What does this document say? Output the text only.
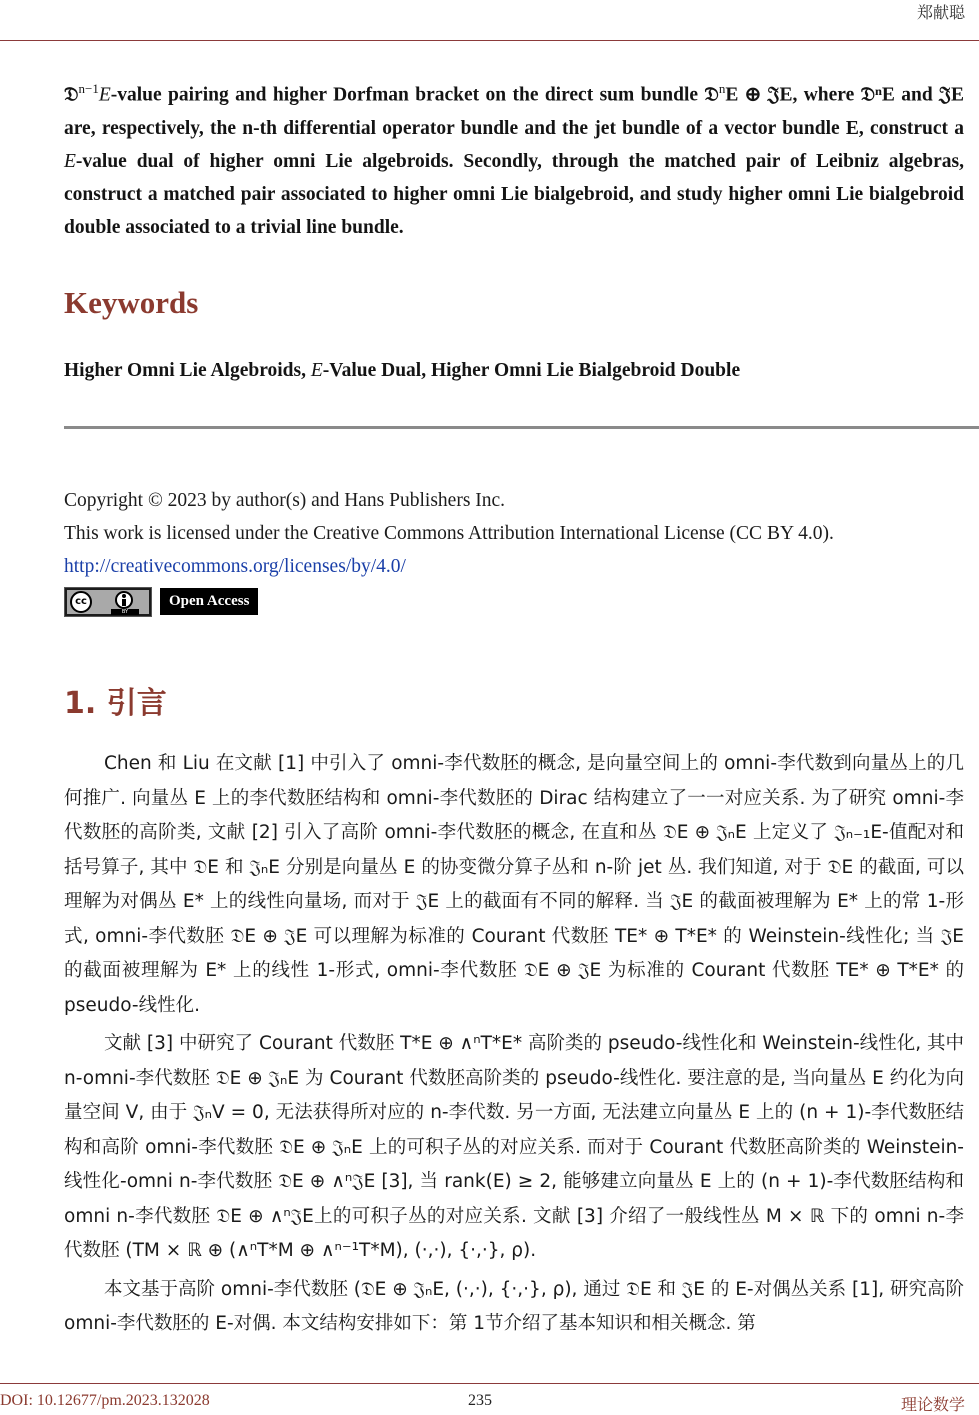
郑献聪

𝔇$^{n-1}$E-value pairing and higher Dorfman bracket on the direct sum bundle 𝔇$^n$E ⊕ 𝔍E, where 𝔇ⁿE and 𝔍E are, respectively, the n-th differential operator bundle and the jet bundle of a vector bundle E, construct a E-value dual of higher omni Lie algebroids. Secondly, through the matched pair of Leibniz algebras, construct a matched pair associated to higher omni Lie bialgebroid, and study higher omni Lie bialgebroid double associated to a trivial line bundle.

Keywords
Higher Omni Lie Algebroids, E-Value Dual, Higher Omni Lie Bialgebroid Double
Copyright © 2023 by author(s) and Hans Publishers Inc.
This work is licensed under the Creative Commons Attribution International License (CC BY 4.0).
http://creativecommons.org/licenses/by/4.0/
cc
BY
Open Access
1. 引言

Chen 和 Liu 在文献 [1] 中引入了 omni-李代数胚的概念, 是向量空间上的 omni-李代数到向量丛上的几何推广. 向量丛 E 上的李代数胚结构和 omni-李代数胚的 Dirac 结构建立了一一对应关系. 为了研究 omni-李代数胚的高阶类, 文献 [2] 引入了高阶 omni-李代数胚的概念, 在直和丛 𝔇E ⊕ 𝔍ₙE 上定义了 𝔍ₙ₋₁E-值配对和括号算子, 其中 𝔇E 和 𝔍ₙE 分别是向量丛 E 的协变微分算子丛和 n-阶 jet 丛. 我们知道, 对于 𝔇E 的截面, 可以理解为对偶丛 E* 上的线性向量场, 而对于 𝔍E 上的截面有不同的解释. 当 𝔍E 的截面被理解为 E* 上的常 1-形式, omni-李代数胚 𝔇E ⊕ 𝔍E 可以理解为标准的 Courant 代数胚 TE* ⊕ T*E* 的 Weinstein-线性化; 当 𝔍E 的截面被理解为 E* 上的线性 1-形式, omni-李代数胚 𝔇E ⊕ 𝔍E 为标准的 Courant 代数胚 TE* ⊕ T*E* 的 pseudo-线性化.

文献 [3] 中研究了 Courant 代数胚 T*E ⊕ ∧ⁿT*E* 高阶类的 pseudo-线性化和 Weinstein-线性化, 其中 n-omni-李代数胚 𝔇E ⊕ 𝔍ₙE 为 Courant 代数胚高阶类的 pseudo-线性化. 要注意的是, 当向量丛 E 约化为向量空间 V, 由于 𝔍ₙV = 0, 无法获得所对应的 n-李代数. 另一方面, 无法建立向量丛 E 上的 (n + 1)-李代数胚结构和高阶 omni-李代数胚 𝔇E ⊕ 𝔍ₙE 上的可积子丛的对应关系. 而对于 Courant 代数胚高阶类的 Weinstein-线性化-omni n-李代数胚 𝔇E ⊕ ∧ⁿ𝔍E [3], 当 rank(E) ≥ 2, 能够建立向量丛 E 上的 (n + 1)-李代数胚结构和 omni n-李代数胚 𝔇E ⊕ ∧ⁿ𝔍E上的可积子丛的对应关系. 文献 [3] 介绍了一般线性丛 M × ℝ 下的 omni n-李代数胚 (TM × ℝ ⊕ (∧ⁿT*M ⊕ ∧ⁿ⁻¹T*M), (·,·), {·,·}, ρ).

本文基于高阶 omni-李代数胚 (𝔇E ⊕ 𝔍ₙE, (·,·), {·,·}, ρ), 通过 𝔇E 和 𝔍E 的 E-对偶丛关系 [1], 研究高阶 omni-李代数胚的 E-对偶. 本文结构安排如下：第 1节介绍了基本知识和相关概念. 第

DOI: 10.12677/pm.2023.132028	235	理论数学
